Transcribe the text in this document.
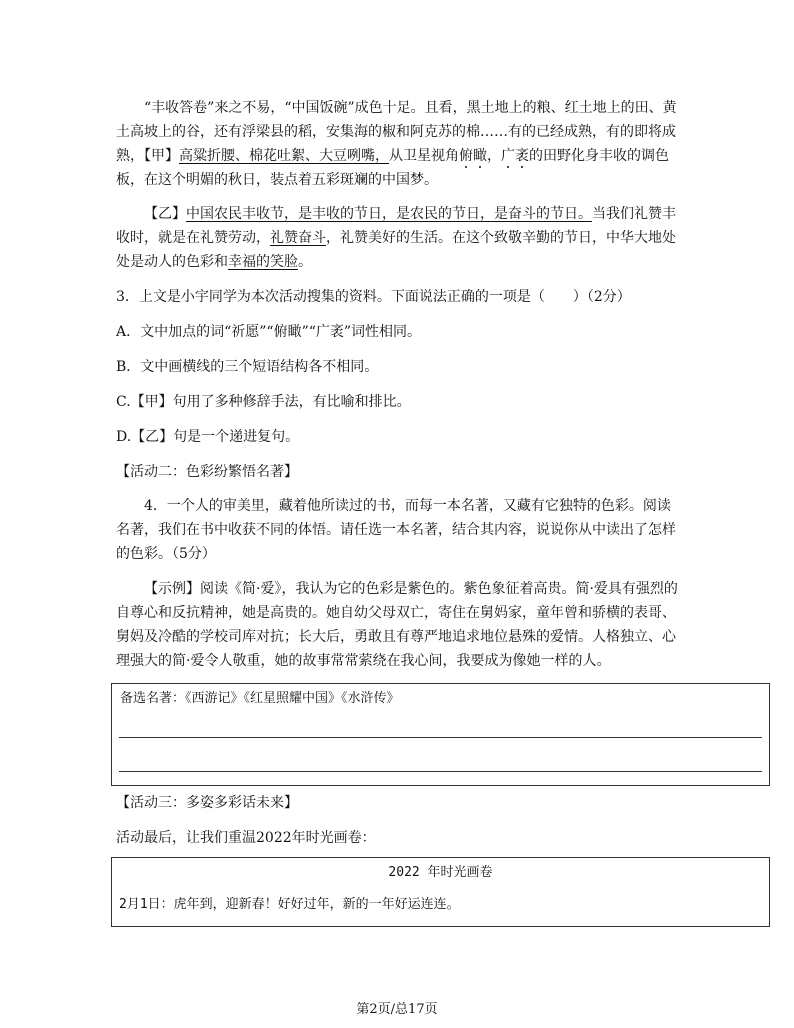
“丰收答卷”来之不易，“中国饭碗”成色十足。且看，黑土地上的粮、红土地上的田、黄土高坡上的谷，还有浮梁县的稻，安集海的椒和阿克苏的棉……有的已经成熟，有的即将成熟，【甲】高粱折腰、棉花吐絮、大豆咧嘴，从卫星视角俯瞰，广袤的田野化身丰收的调色板，在这个明媚的秋日，装点着五彩斑斓的中国梦。
【乙】中国农民丰收节，是丰收的节日，是农民的节日，是奋斗的节日。当我们礼赞丰收时，就是在礼赞劳动，礼赞奋斗，礼赞美好的生活。在这个致敬辛勤的节日，中华大地处处是动人的色彩和幸福的笑脸。
3．上文是小宇同学为本次活动搜集的资料。下面说法正确的一项是（　　）（2分）
A．文中加点的词“祈愿”“俯瞰”“广袤”词性相同。
B．文中画横线的三个短语结构各不相同。
C.【甲】句用了多种修辞手法，有比喻和排比。
D.【乙】句是一个递进复句。
【活动二：色彩纷繁悟名著】
4．一个人的审美里，藏着他所读过的书，而每一本名著，又藏有它独特的色彩。阅读名著，我们在书中收获不同的体悟。请任选一本名著，结合其内容，说说你从中读出了怎样的色彩。（5分）
【示例】阅读《简·爱》，我认为它的色彩是紫色的。紫色象征着高贵。简·爱具有强烈的自尊心和反抗精神，她是高贵的。她自幼父母双亡，寄住在舅妈家，童年曾和骄横的表哥、舅妈及冷酷的学校司库对抗；长大后，勇敢且有尊严地追求地位悬殊的爱情。人格独立、心理强大的简·爱令人敬重，她的故事常常萦绕在我心间，我要成为像她一样的人。
备选名著：《西游记》《红星照耀中国》《水浒传》
【活动三：多姿多彩话未来】
活动最后，让我们重温2022年时光画卷：
2022 年时光画卷
2月1日：虎年到，迎新春！好好过年，新的一年好运连连。
第2页/总17页
